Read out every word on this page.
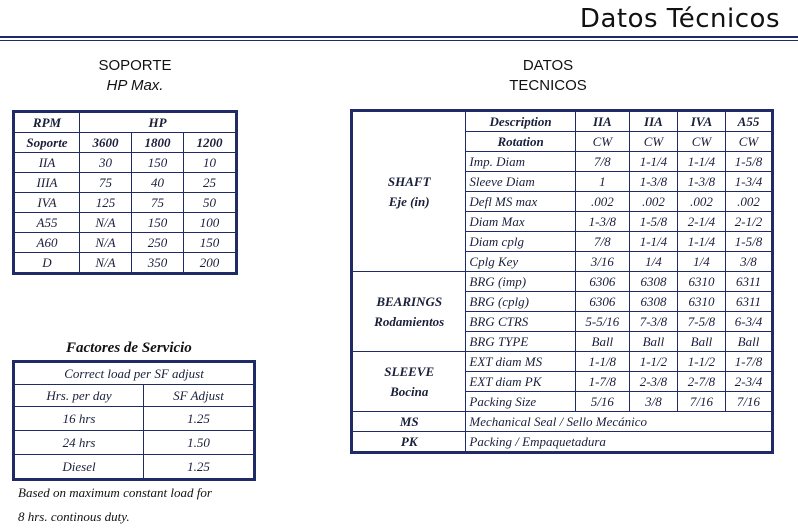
Datos Técnicos
SOPORTE
HP Max.
RPM	HP		
Soporte	3600	1800	1200
IIA	30	150	10
IIIA	75	40	25
IVA	125	75	50
A55	N/A	150	100
A60	N/A	250	150
D	N/A	350	200
Factores de Servicio
Correct load per SF adjust	
Hrs. per day	SF Adjust
16 hrs	1.25
24 hrs	1.50
Diesel	1.25
Based on maximum constant load for
8 hrs. continous duty.
DATOS
TECNICOS
SHAFT
Eje (in)	Description	IIA	IIA	IVA	A55
	Rotation	CW	CW	CW	CW
	Imp. Diam	7/8	1-1/4	1-1/4	1-5/8
	Sleeve Diam	1	1-3/8	1-3/8	1-3/4
	Defl MS max	.002	.002	.002	.002
	Diam Max	1-3/8	1-5/8	2-1/4	2-1/2
	Diam cplg	7/8	1-1/4	1-1/4	1-5/8
	Cplg Key	3/16	1/4	1/4	3/8

BEARINGS
Rodamientos	BRG (imp)	6306	6308	6310	6311
	BRG (cplg)	6306	6308	6310	6311
	BRG CTRS	5-5/16	7-3/8	7-5/8	6-3/4
	BRG TYPE	Ball	Ball	Ball	Ball

SLEEVE
Bocina	EXT diam MS	1-1/8	1-1/2	1-1/2	1-7/8
	EXT diam PK	1-7/8	2-3/8	2-7/8	2-3/4
	Packing Size	5/16	3/8	7/16	7/16
MS	Mechanical Seal / Sello Mecánico				
PK	Packing / Empaquetadura				
